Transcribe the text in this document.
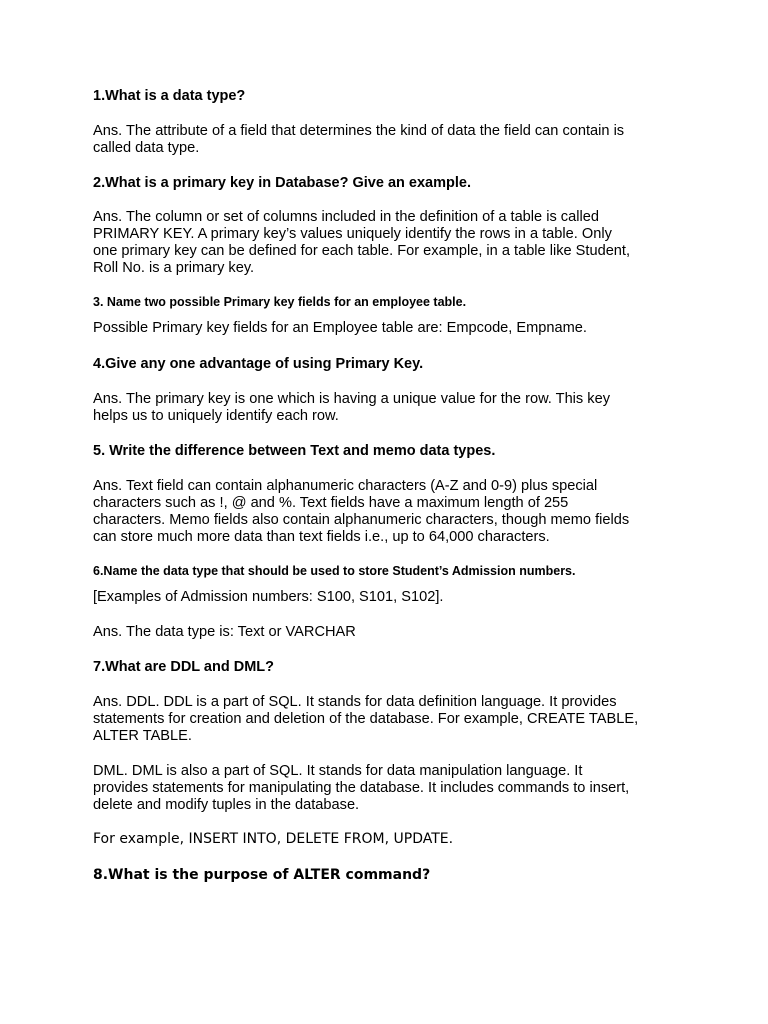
1.What is a data type?

Ans. The attribute of a field that determines the kind of data the field can contain is
called data type.

2.What is a primary key in Database? Give an example.

Ans. The column or set of columns included in the definition of a table is called
PRIMARY KEY. A primary key’s values uniquely identify the rows in a table. Only
one primary key can be defined for each table. For example, in a table like Student,
Roll No. is a primary key.

3. Name two possible Primary key fields for an employee table.

Possible Primary key fields for an Employee table are: Empcode, Empname.

4.Give any one advantage of using Primary Key.

Ans. The primary key is one which is having a unique value for the row. This key
helps us to uniquely identify each row.

5. Write the difference between Text and memo data types.

Ans. Text field can contain alphanumeric characters (A-Z and 0-9) plus special
characters such as !, @ and %. Text fields have a maximum length of 255
characters. Memo fields also contain alphanumeric characters, though memo fields
can store much more data than text fields i.e., up to 64,000 characters.

6.Name the data type that should be used to store Student’s Admission numbers.

[Examples of Admission numbers: S100, S101, S102].

Ans. The data type is: Text or VARCHAR

7.What are DDL and DML?

Ans. DDL. DDL is a part of SQL. It stands for data definition language. It provides
statements for creation and deletion of the database. For example, CREATE TABLE,
ALTER TABLE.

DML. DML is also a part of SQL. It stands for data manipulation language. It
provides statements for manipulating the database. It includes commands to insert,
delete and modify tuples in the database.

For example, INSERT INTO, DELETE FROM, UPDATE.

8.What is the purpose of ALTER command?
